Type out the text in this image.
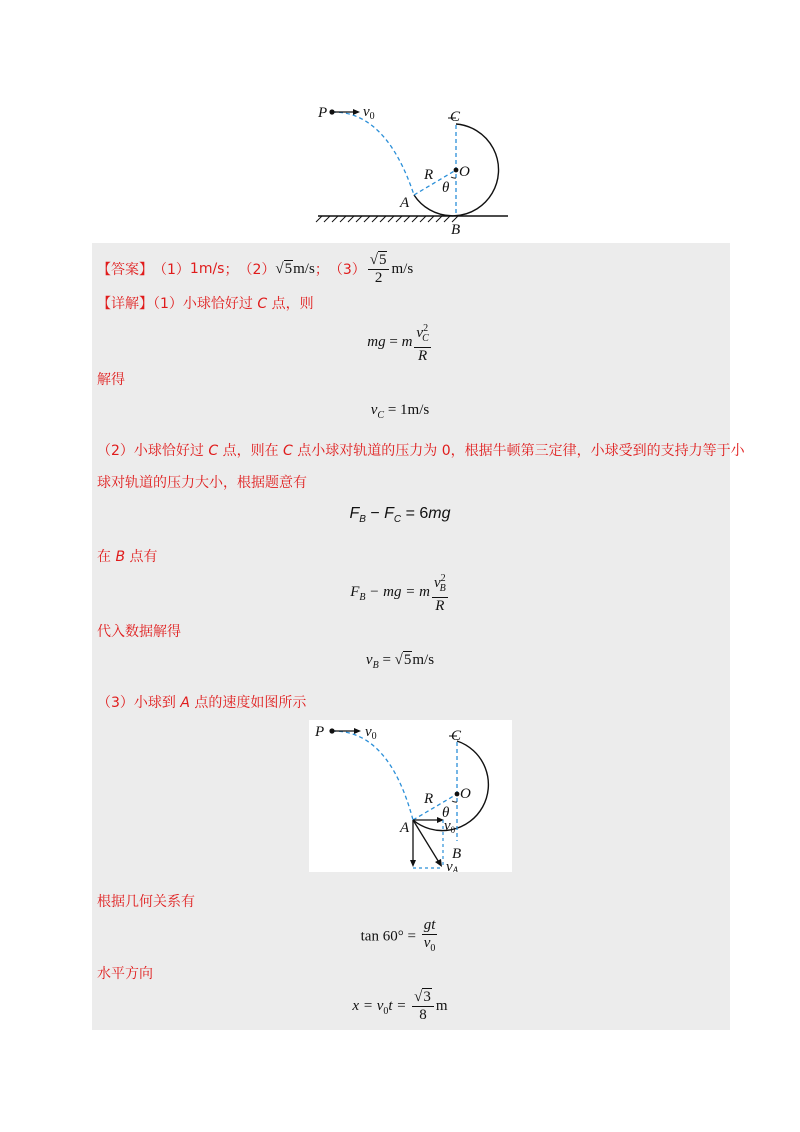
P $v_0$	C
O
R
θ
A
B
【答案】 （1） 1m/s ； （2） √5m/s ； $(3) \frac{√5}{2} m/s$
【详解】（1）小球恰好过 C 点，则
mg = m $\frac{v^2_C}{R}$
解得
$v_C = 1m/s$
（2）小球恰好过 C 点，则在 C 点小球对轨道的压力为 0，根据牛顿第三定律，小球受到的支持力等于小
球对轨道的压力大小，根据题意有
$F_B - F_C = 6mg$
在 B 点有
$F_B$ − mg = m $\frac{v^2_B}{R}$
代入数据解得
$v_B = √5m/s$
（3）小球到 A 点的速度如图所示
P	$v_0$	C
O
R
θ
$v_0$
A
B
vA
根据几何关系有
$\tan 60^\circ = \frac{gt}{v_0}$
水平方向
$x = v_0t = \frac{√3}{8}$ m
